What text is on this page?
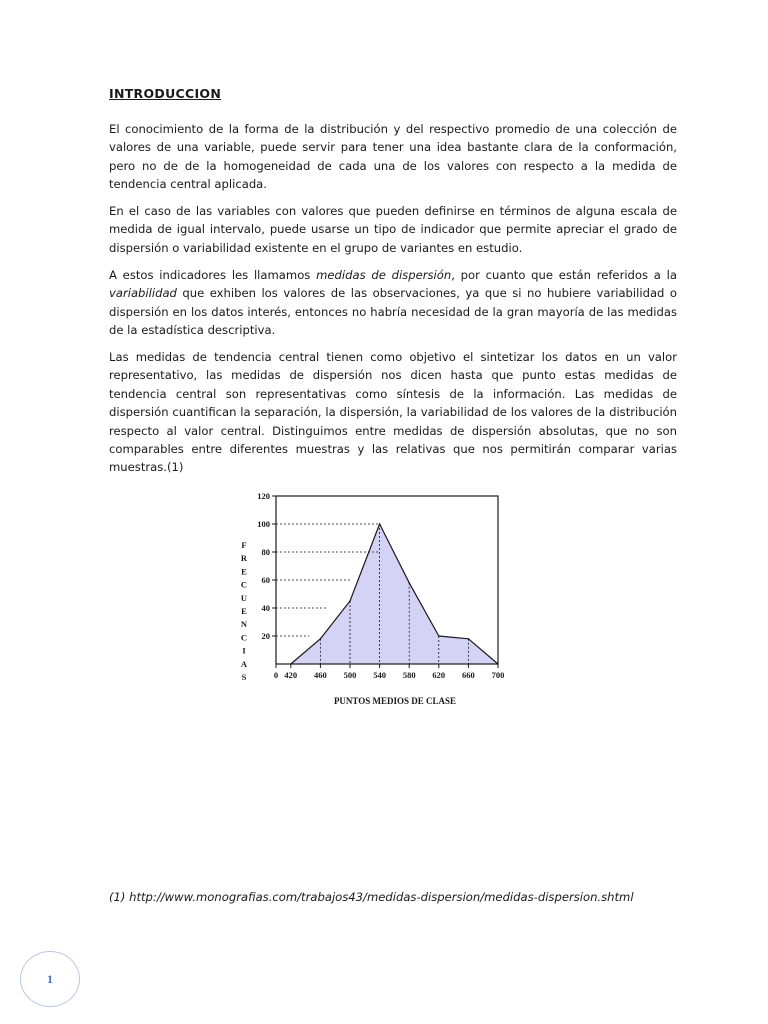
INTRODUCCION

El conocimiento de la forma de la distribución y del respectivo promedio de una colección de valores de una variable, puede servir para tener una idea bastante clara de la conformación, pero no de de la homogeneidad de cada una de los valores con respecto a la medida de tendencia central aplicada.

En el caso de las variables con valores que pueden definirse en términos de alguna escala de medida de igual intervalo, puede usarse un tipo de indicador que permite apreciar el grado de dispersión o variabilidad existente en el grupo de variantes en estudio.

A estos indicadores les llamamos medidas de dispersión, por cuanto que están referidos a la variabilidad que exhiben los valores de las observaciones, ya que si no hubiere variabilidad o dispersión en los datos interés, entonces no habría necesidad de la gran mayoría de las medidas de la estadística descriptiva.

Las medidas de tendencia central tienen como objetivo el sintetizar los datos en un valor representativo, las medidas de dispersión nos dicen hasta que punto estas medidas de tendencia central son representativas como síntesis de la información. Las medidas de dispersión cuantifican la separación, la dispersión, la variabilidad de los valores de la distribución respecto al valor central. Distinguimos entre medidas de dispersión absolutas, que no son comparables entre diferentes muestras y las relativas que nos permitirán comparar varias muestras.(1)

20
40
60
80
100
120
0 420 460 500 540 580 620 660 700
F
R
E
C
U
E
N
C
I
A
S
PUNTOS MEDIOS DE CLASE
(1) http://www.monografias.com/trabajos43/medidas-dispersion/medidas-dispersion.shtml
1
